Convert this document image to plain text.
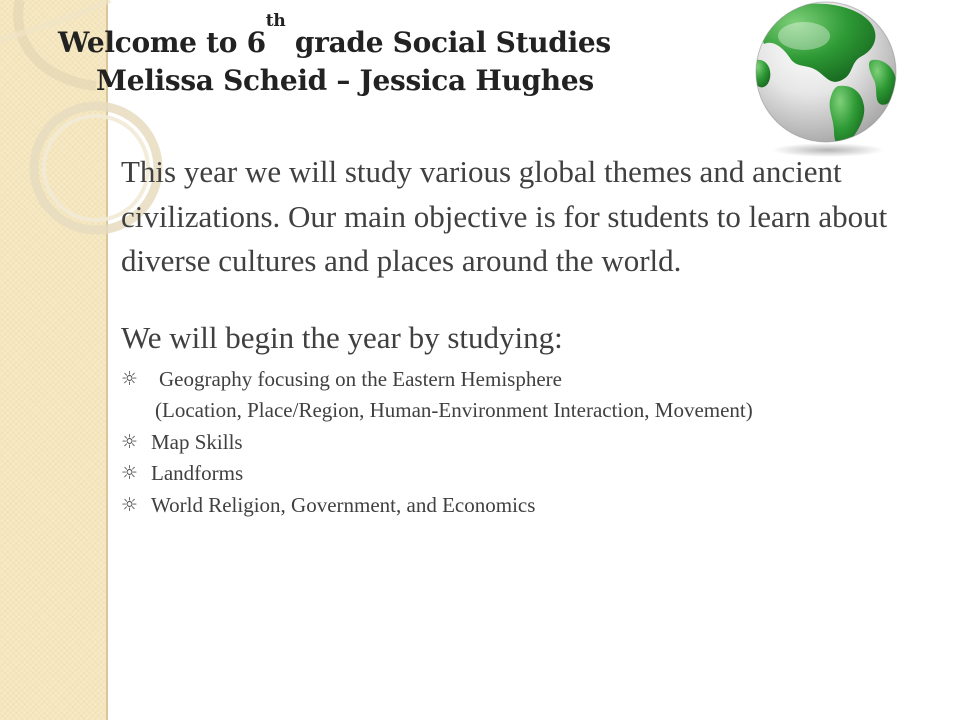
Welcome to 6th grade Social Studies
Melissa Scheid – Jessica Hughes

This year we will study various global themes and ancient civilizations. Our main objective is for students to learn about diverse cultures and places around the world.

We will begin the year by studying:

☼ Geography focusing on the Eastern Hemisphere
(Location, Place/Region, Human-Environment Interaction, Movement)
☼ Map Skills
☼ Landforms
☼ World Religion, Government, and Economics
